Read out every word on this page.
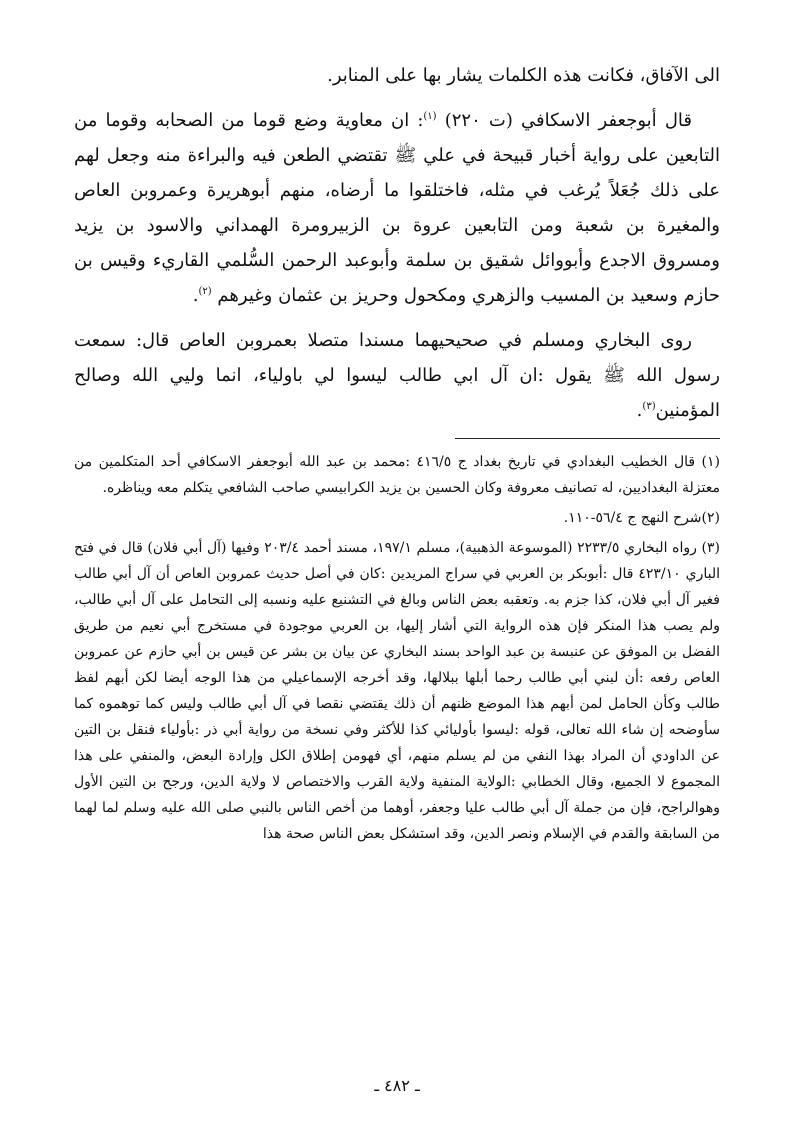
الى الآفاق، فكانت هذه الكلمات يشار بها على المنابر.

قال أبوجعفر الاسكافي (ت ٢٢٠) $^{(١)}$: ان معاوية وضع قوما من الصحابه وقوما من التابعين على رواية أخبار قبيحة في علي ﷺ تقتضي الطعن فيه والبراءة منه وجعل لهم على ذلك جُعَلاً يُرغب في مثله، فاختلقوا ما أرضاه، منهم أبوهريرة وعمروبن العاص والمغيرة بن شعبة ومن التابعين عروة بن الزبيرومرة الهمداني والاسود بن يزيد ومسروق الاجدع وأبووائل شقيق بن سلمة وأبوعبد الرحمن السُّلمي القاريء وقيس بن حازم وسعيد بن المسيب والزهري ومكحول وحريز بن عثمان وغيرهم $^{(٢)}$.

روى البخاري ومسلم في صحيحيهما مسندا متصلا بعمروبن العاص قال: سمعت رسول الله ﷺ يقول :ان آل ابي طالب ليسوا لي باولياء، انما وليي الله وصالح المؤمنين$^{(٣)}$.

(١) قال الخطيب البغدادي في تاريخ بغداد ج ٤١٦/٥ :محمد بن عبد الله أبوجعفر الاسكافي أحد المتكلمين من معتزلة البغداديين، له تصانيف معروفة وكان الحسين بن يزيد الكرابيسي صاحب الشافعي يتكلم معه ويناظره.

(٢)شرح النهج ج ٥٦/٤-١١٠.

(٣) رواه البخاري ٢٢٣٣/٥ (الموسوعة الذهبية)، مسلم ١٩٧/١، مسند أحمد ٢٠٣/٤ وفيها (آل أبي فلان) قال في فتح الباري ٤٢٣/١٠ قال :أبوبكر بن العربي في سراج المريدين :كان في أصل حديث عمروبن العاص أن آل أبي طالب فغير آل أبي فلان، كذا جزم به. وتعقبه بعض الناس وبالغ في التشنيع عليه ونسبه إلى التحامل على آل أبي طالب، ولم يصب هذا المنكر فإن هذه الرواية التي أشار إليها، بن العربي موجودة في مستخرج أبي نعيم من طريق الفضل بن الموفق عن عنبسة بن عبد الواحد بسند البخاري عن بيان بن بشر عن قيس بن أبي حازم عن عمروبن العاص رفعه :أن لبني أبي طالب رحما أبلها ببلالها، وقد أخرجه الإسماعيلي من هذا الوجه أيضا لكن أبهم لفظ طالب وكأن الحامل لمن أبهم هذا الموضع ظنهم أن ذلك يقتضي نقصا في آل أبي طالب وليس كما توهموه كما سأوضحه إن شاء الله تعالى، قوله :ليسوا بأوليائي كذا للأكثر وفي نسخة من رواية أبي ذر :بأولياء فنقل بن التين عن الداودي أن المراد بهذا النفي من لم يسلم منهم، أي فهومن إطلاق الكل وإرادة البعض، والمنفي على هذا المجموع لا الجميع، وقال الخطابي :الولاية المنفية ولاية القرب والاختصاص لا ولاية الدين، ورجح بن التين الأول وهوالراجح، فإن من جملة آل أبي طالب عليا وجعفر، أوهما من أخص الناس بالنبي صلى الله عليه وسلم لما لهما من السابقة والقدم في الإسلام ونصر الدين، وقد استشكل بعض الناس صحة هذا

ـ ٤٨٢ ـ
